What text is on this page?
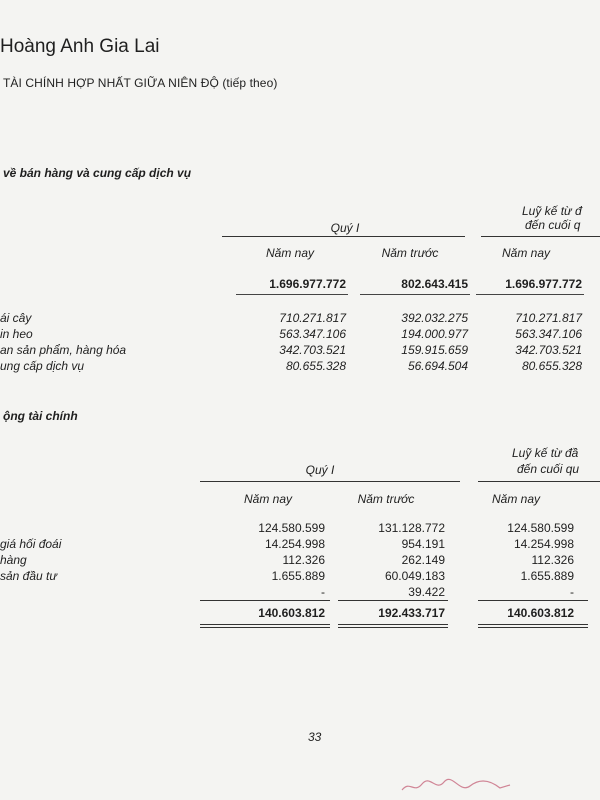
Hoàng Anh Gia Lai
TÀI CHÍNH HỢP NHẤT GIỮA NIÊN ĐỘ (tiếp theo)
về bán hàng và cung cấp dịch vụ
Quý I
Luỹ kế từ đ
đến cuối q
Năm nay	Năm trước	Năm nay
1.696.977.772	802.643.415	1.696.977.772
ái cây	710.271.817	392.032.275	710.271.817
in heo	563.347.106	194.000.977	563.347.106
an sản phẩm, hàng hóa	342.703.521	159.915.659	342.703.521
ung cấp dịch vụ	80.655.328	56.694.504	80.655.328
ộng tài chính
Quý I
Luỹ kế từ đầ
đến cuối qu
Năm nay	Năm trước	Năm nay
124.580.599	131.128.772	124.580.599
giá hối đoái	14.254.998	954.191	14.254.998
hàng	112.326	262.149	112.326
sản đầu tư	1.655.889	60.049.183	1.655.889
-	39.422	-
140.603.812	192.433.717	140.603.812
33
